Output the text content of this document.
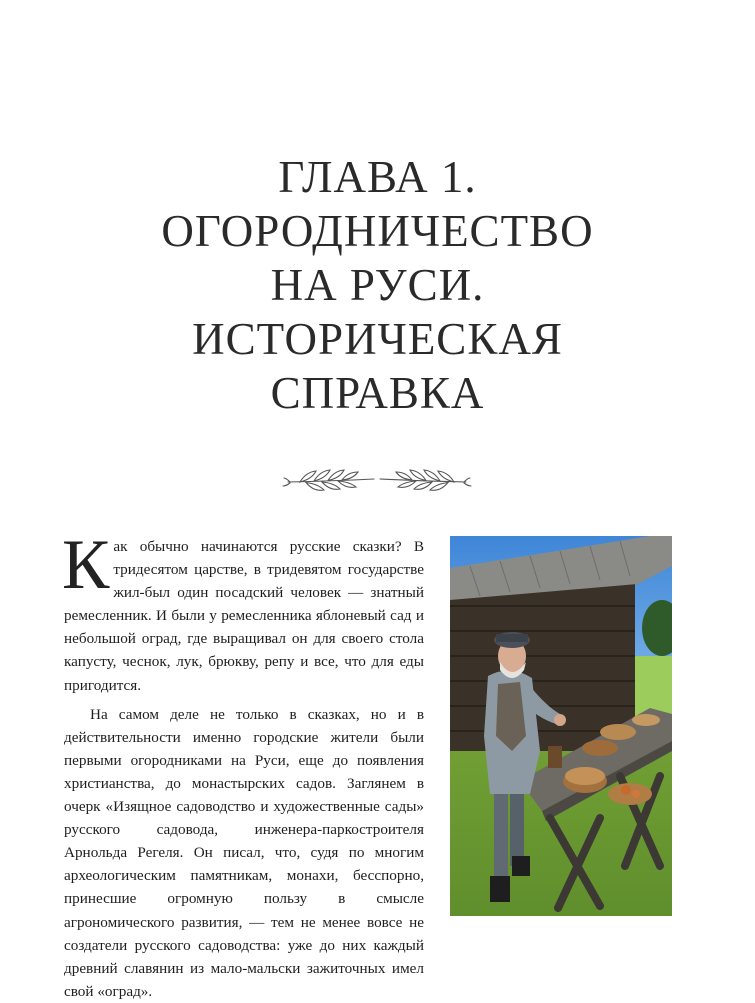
ГЛАВА 1.
ОГОРОДНИЧЕСТВО
НА РУСИ.
ИСТОРИЧЕСКАЯ
СПРАВКА

Как обычно начинаются русские сказки? В тридесятом царстве, в тридевятом государстве жил-был один посадский человек — знатный ремесленник. И были у ремесленника яблоневый сад и небольшой оград, где выращивал он для своего стола капусту, чеснок, лук, брюкву, репу и все, что для еды пригодится.

На самом деле не только в сказках, но и в действительности именно городские жители были первыми огородниками на Руси, еще до появления христианства, до монастырских садов. Заглянем в очерк «Изящное садоводство и художественные сады» русского садовода, инженера-паркостроителя Арнольда Регеля. Он писал, что, судя по многим археологическим памятникам, монахи, бесспорно, принесшие огромную пользу в смысле агрономического развития, — тем не менее вовсе не создатели русского садоводства: уже до них каждый древний славянин из мало-мальски зажиточных имел свой «оград».
